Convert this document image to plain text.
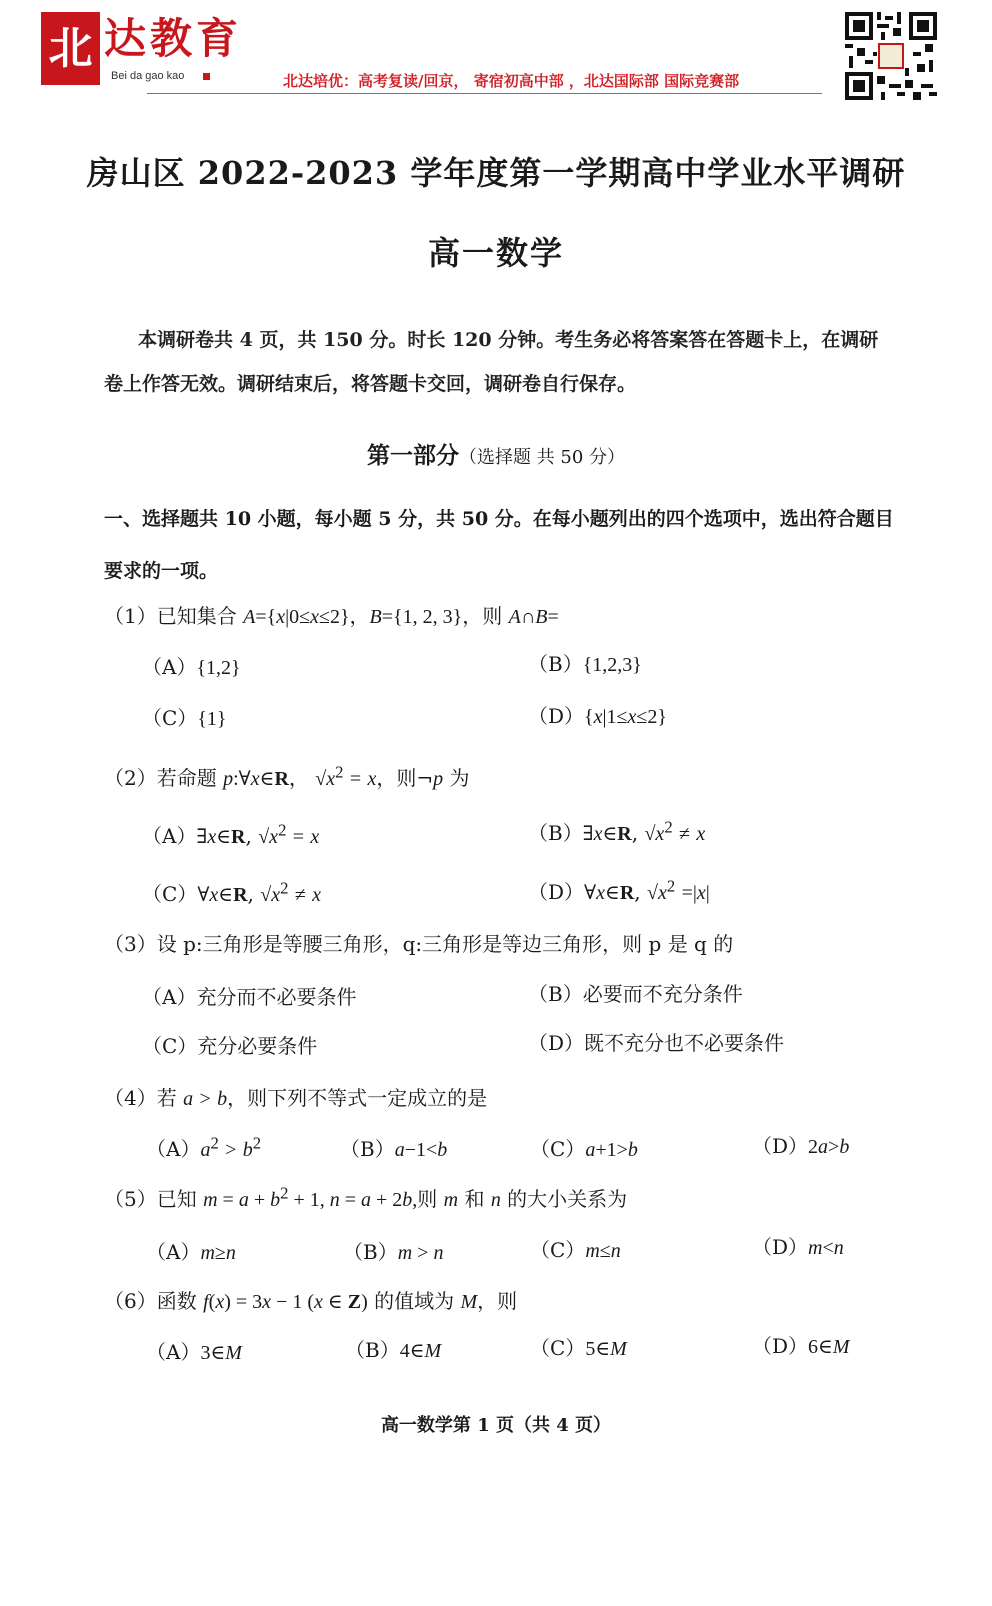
北 达教育
Bei da gao kao	北达培优：高考复读/回京， 寄宿初高中部 ，北达国际部 国际竞赛部
房山区 2022-2023 学年度第一学期高中学业水平调研
高一数学
本调研卷共 4 页，共 150 分。时长 120 分钟。考生务必将答案答在答题卡上，在调研卷上作答无效。调研结束后，将答题卡交回，调研卷自行保存。
第一部分（选择题 共 50 分）
一、选择题共 10 小题，每小题 5 分，共 50 分。在每小题列出的四个选项中，选出符合题目要求的一项。
（1）已知集合 A={x|0≤x≤2}，B={1, 2, 3}，则 A∩B=
（A）{1,2}	（B）{1,2,3}
（C）{1}	（D）{x|1≤x≤2}
（2）若命题 p:∀x∈R， $√x^2 = x$，则¬p 为
（A）∃x∈R, $√x^2 = x$	（B）∃x∈R, $√x^2 \ne x$
（C）∀x∈R, $√x^2 \ne x$	（D）∀x∈R, $√x^2 =|x|$
（3）设 p:三角形是等腰三角形，q:三角形是等边三角形，则 p 是 q 的
（A）充分而不必要条件	（B）必要而不充分条件
（C）充分必要条件	（D）既不充分也不必要条件
（4）若 a > b，则下列不等式一定成立的是
$(A)a^2 > b^2$	（B）a−1<b	（C）a+1>b	（D）2a>b
（5）已知 $m = a + b^2 + 1$, n = a + 2b,则 m 和 n 的大小关系为
（A）m≥n	（B）m > n	（C）m≤n	（D）m<n
（6）函数 f(x) = 3x − 1 (x ∈ Z) 的值域为 M，则
（A）3∈M	（B）4∈M	（C）5∈M	（D）6∈M
高一数学第 1 页（共 4 页）
